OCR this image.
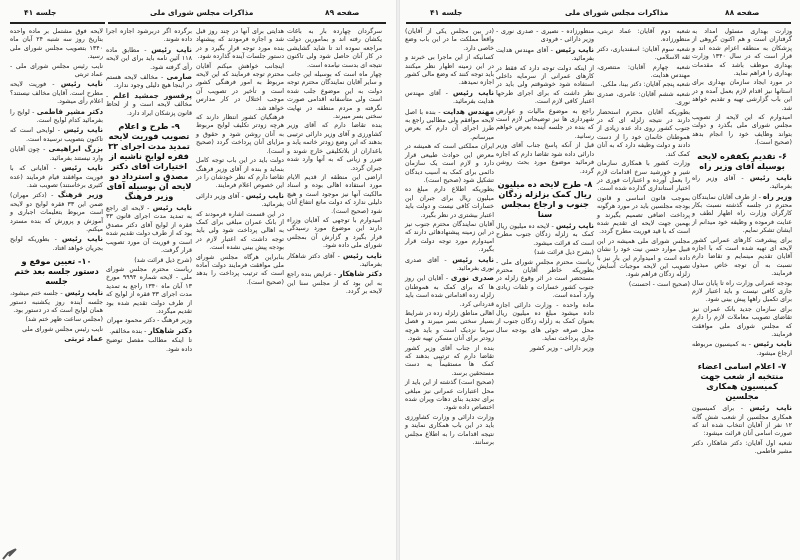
جلسه ۴۱	مذاکرات مجلس شورای ملی	صفحه ۸۹

سرگردان چهارده بار به باغات یکشان رفته اند و بمامورین دولت مراجعه نموده اند تا شاید گشایشی در کار آنان حاصل شود ولی تاکنون نتیجه ای بدست نیامده است.

چهار ماه است که بوسیله این جانب و سایر آقایان نمایندگان محترم توجه دولت به این موضوع جلب شده است ولی متأسفانه اقدامی صورت نگرفته و مردم منطقه در نهایت سختی بسر میبرند.

بنده تقاضا دارم که آقای وزیر کشاورزی و آقای وزیر دارائی ترتیبی بدهند که این وضع زودتر خاتمه یابد و باغداران از بلاتکلیفی خارج شوند و ضرر و زیانی که به آنها وارد شده جبران گردد.

اراضی این منطقه از قدیم الایام مورد استفاده اهالی بوده و اسناد مالکیت آنها نیز موجود است و هیچ دلیلی ندارد که دولت مانع انتفاع آنان شود (صحیح است).

امیدوارم با توجهی که آقایان وزراء دارند این موضوع مورد رسیدگی قرار بگیرد و گزارش آن بمجلس شورای ملی داده شود.

نایب رئیس - آقای دکتر شاهکار بفرمائید.

دکتر شاهکار - عرایض بنده راجع به این بود که از مجلس سنا این لایحه بر گردد.

هدایتی برای آنها در چند روز قبل شد و اجازه فرمودند که پیشنهاد بنده مورد توجه قرار بگیرد و در دستور جلسات آینده گذارده شود.

اینجانب خواهش میکنم آقایان محترم توجه فرمایند که این لایحه مربوط به امور فرهنگی کشور است و تأخیر در تصویب آن موجب اختلال در کار مدارس خواهد شد.

فرهنگیان کشور انتظار دارند که هرچه زودتر تکلیف لوایح مربوط به آنان روشن شود و حقوق و مزایای آنان پرداخت گردد (صحیح است).

دولت باید در این باب توجه کامل بنماید و بنده از آقای وزیر فرهنگ تقاضا دارم که نظر خودشان را در این خصوص اعلام فرمایند.

نایب رئیس - آقای وزیر دارائی بفرمائید.

در این قسمت اشاره فرمودند که از بانک عمران مبلغی برای کمک به اهالی پرداخت شود ولی باید توجه داشت که اعتبار لازم در بودجه پیش بینی نشده است.

بنابراین هرگاه مجلس شورای ملی موافقت فرمایند دولت آماده است که ترتیب پرداخت را بدهد (صحیح است).

برگرده اگر دربرشود اجازه اجرا داده شوند.

نایب رئیس - مطابق ماده ۱۱۸ آئین نامه باید برای این لایحه رأی گرفته شود.

صارمی - مخالف لایحه هستم در اینجا هیچ دلیلی وجود ندارد.

پرفسور جمشید اعلم - مخالف لایحه است و از لحاظ قانون پزشکان ایراد دارد.

۹- طرح و اعلام تصویب فوریت لایحه تمدید مدت اجرای ۳۳ فقره لوایح ناشیه از اختیارات آقای دکتر مصدق و استرداد دو لایحه آن بوسیله آقای وزیر فرهنگ

نایب رئیس - لایحه ای راجع به تمدید مدت اجرای قانون ۳۳ فقره از لوایح آقای دکتر مصدق بود که از طرف دولت تقدیم شده است و فوریت آن مورد تصویب قرار گرفت.

(شرح ذیل قرائت شد)

ریاست محترم مجلس شورای ملی - لایحه شماره ۹۹۹۴ مورخ ۱۳ آبان ماه ۱۳۴۰ راجع به تمدید مدت اجرای ۳۳ فقره از لوایح که از طرف دولت تقدیم شده بود تقدیم میگردد.

وزیر فرهنگ - دکتر محمود مهران

دکتر شاهکار - بنده مخالفم.

تا اینکه مطالب مفصل توضیح داده شود.

لایحه فوق مشتمل بر ماده واحده بتاریخ روز سه شنبه ۲۴ آبان ماه ۱۳۴۰ بتصویب مجلس شورای ملی رسید.

نایب رئیس مجلس شورای ملی - عماد تربتی

نایب رئیس - فوریت لایحه مطرح است. آقایان مخالف نیستند؟ اعلام رأی میشود.

دکتر مشیر فاطمی - لوایح را بفرمائید کدام لوایح است.

نایب رئیس - لوایحی است که تاکنون بتصویب نرسیده است.

بزرگ ابراهیمی - چون آقایان وارد نیستند بفرمائید.

نایب رئیس - آقایانی که با فوریت موافقند قیام فرمایند (عده کثیری برخاستند) تصویب شد.

وزیر فرهنگ - (دکتر مهران) ضمن این ۳۳ فقره لوایح دو لایحه است مربوط بتعلیمات اجباری و آموزش و پرورش که بنده مسترد میکنم.

نایب رئیس - بطوریکه لوایح بجریان خواهد افتاد.

۱۰- تعیین موقع و دستور جلسه بعد ختم جلسه

نایب رئیس - جلسه ختم میشود، جلسه آینده روز یکشنبه دستور همان لوایح است که در دستور بود.

(مجلس ساعت ظهر ختم شد)

نایب رئیس مجلس شورای ملی

عماد تربتی

جلسه ۴۱	مذاکرات مجلس شورای ملی	صفحه ۸۸

وزارت بهداری مسئول امداد به گرفتاران است و هم اکنون گروهی از پزشکان به منطقه اعزام شده اند و قرار است که در سال ۱۳۴۰ وزارت بهداری موظف باشد که مقدمات بهداری را فراهم نماید.

در مورد ایجاد سازمان بهداری برای استانها نیز اقدام لازم بعمل آمده و در این باب گزارشی تهیه و تقدیم خواهد شد.

امیدوارم که این لایحه از تصویب مجلس شورای ملی بگذرد و دولت بتواند وظایف خود را انجام بدهد (صحیح است).

۶- تقدیم یکفقره لایحه بوسیله آقای وزیر راه

نایب رئیس - آقای وزیر راه بفرمائید.

وزیر راه - از طرف آقایان نمایندگان محترم در جلسه گذشته نسبت بکار کارگران وزارت راه اظهار لطف و عنایت فرموده و وظیفه خود میدانم از ایشان تشکر نمایم.

برای پیشرفت کارهای عمرانی کشور لایحه ای تهیه شده است که با اجازه آقایان تقدیم مینمایم و تقاضا دارم نسبت به آن توجه خاص مبذول فرمایند.

بودجه عمرانی وزارت راه تا پایان سال جاری کافی نیست و باید اعتبار لازم برای تکمیل راهها پیش بینی شود.

برای سازمان جدید بانک عمران نیز تقاضای تصویب معاملات لازم را دارم که مجلس شورای ملی موافقت فرمایند.

نایب رئیس - به کمیسیون مربوطه ارجاع میشود.

۷- اعلام اسامی اعضاء منتخبه از شعب جهت کمیسیون همکاری مجلسین

نایب رئیس - برای کمیسیون همکاری مجلسین از شعب شش گانه ۱۲ نفر از آقایان انتخاب شده اند که صورت اسامی آنان قرائت میشود:

شعبه اول آقایان: دکتر شاهکار، دکتر مشیر فاطمی.

شعبه دوم آقایان: عماد تربتی، منظورزاده.

شعبه سوم آقایان: اسفندیاری، دکتر ثقه الاسلامی.

شعبه چهارم آقایان: منتصری، مهندس هدایت.

شعبه پنجم آقایان: دکتر بینا، ملکی.

شعبه ششم آقایان: عامری، صدری نوری.

بطوریکه آقایان محترم استحضار دارند در نتیجه زلزله ای که در جنوب کشور روی داد عده زیادی از هموطنان خانمان خود را از دست دادند و دولت وظیفه دارد که به آنان کمک کند.

وزارت کشور با همکاری سازمان شیر و خورشید سرخ اقدامات لازم را بعمل آورده و اعتبارات فوری در اختیار استانداری گذارده شده است.

بموجب قانون اساسی و قانون بودجه مجلسین باید در مورد هرگونه پرداخت اضافی تصمیم بگیرند و بهمین جهت لایحه ای تقدیم شده است که با قید فوریت مطرح گردد.

مجلس شورای ملی همیشه در این قبیل موارد حسن نیت خود را نشان داده است و امیدوارم این بار نیز با تصویب این لایحه موجبات آسایش زلزله زدگان فراهم شود.

(صحیح است - احسنت)

منظورزاده - نصیری - صدری نوری - وزیر دارائی - فرودی

نایب رئیس - آقای مهندس هدایت بفرمائید.

از اینکه دولت توجه دارد که فقط در کارهای عمرانی از سرمایه داخلی استفاده شود خوشوقتم ولی باید در نظر داشت که برای اجرای طرحها اعتبار کافی لازم است.

راجع به موضوع مالیات و عوارض شهرداری ها نیز توضیحاتی لازم است که بنده در جلسه آینده بعرض خواهم رسانید.

قبل از آنکه پاسخ جناب آقای وزیر دارائی داده شود تقاضا دارم که اجازه فرمائید موضوع مورد بحث روشن گردد.

۸- طرح لایحه ده میلیون ریال کمک بزلزله زدگان جنوب و ارجاع بمجلس سنا

نایب رئیس - لایحه ده میلیون ریال کمک به زلزله زدگان جنوب مطرح است که قرائت میشود.

(بشرح ذیل قرائت شد)

ریاست محترم مجلس شورای ملی - بطوریکه خاطر آقایان محترم مستحضر است در اثر وقوع زلزله در جنوب کشور خسارات و تلفات زیادی وارد آمده است.

ماده واحده - وزارت دارائی اجازه داده میشود مبلغ ده میلیون ریال بعنوان کمک به زلزله زدگان جنوب از محل صرفه جوئی های بودجه سال جاری پرداخت نماید.

وزیر دارائی - وزیر کشور

(در بین مجلس یکی از آقایان) واقعاً مملکت ما در این باب وضع خاصی دارد.

کسانیکه از این ماجرا بی خبرند و در این زمینه اظهار نظر میکنند باید توجه کنند که وضع مالی کشور اجازه نمیدهد.

نایب رئیس - آقای مهندس هدایت بفرمائید.

مهندس هدایت - بنده با اصل لایحه موافقم ولی مطالبی راجع به طرز اجرای آن دارم که بعرض میرسانم.

ایران مملکتی است که همیشه در معرض این حوادث طبیعی قرار دارد و لازم است یک سازمان دائمی برای کمک به آسیب دیدگان تشکیل شود (صحیح است).

بطوریکه اطلاع دارم مبلغ ده میلیون ریال برای جبران این خسارات کافی نیست و دولت باید اعتبار بیشتری در نظر بگیرد.

آقایان نمایندگان محترم جنوب نیز در این زمینه پیشنهادهائی دارند که امیدوارم مورد توجه دولت قرار بگیرد.

نایب رئیس - آقای صدری نوری بفرمائید.

صدری نوری - آقایان این روز ها که برای کمک به هموطنان زلزله زده اقداماتی شده است باید قدردانی کرد.

اهالی مناطق زلزله زده در شرایط بسیار سختی بسر میبرند و فصل سرما نزدیک است و باید هرچه زودتر برای آنان مسکن تهیه شود.

بنده از جناب آقای وزیر کشور تقاضا دارم که ترتیبی بدهند که کمک ها مستقیماً به دست مستحقین برسد.

(صحیح است) گذشته از این باید از محل اعتبارات عمرانی نیز مبلغی برای تجدید بنای دهات ویران شده اختصاص داده شود.

وزارت دارائی و وزارت کشاورزی باید در این باب همکاری نمایند و نتیجه اقدامات را به اطلاع مجلس برسانند.
